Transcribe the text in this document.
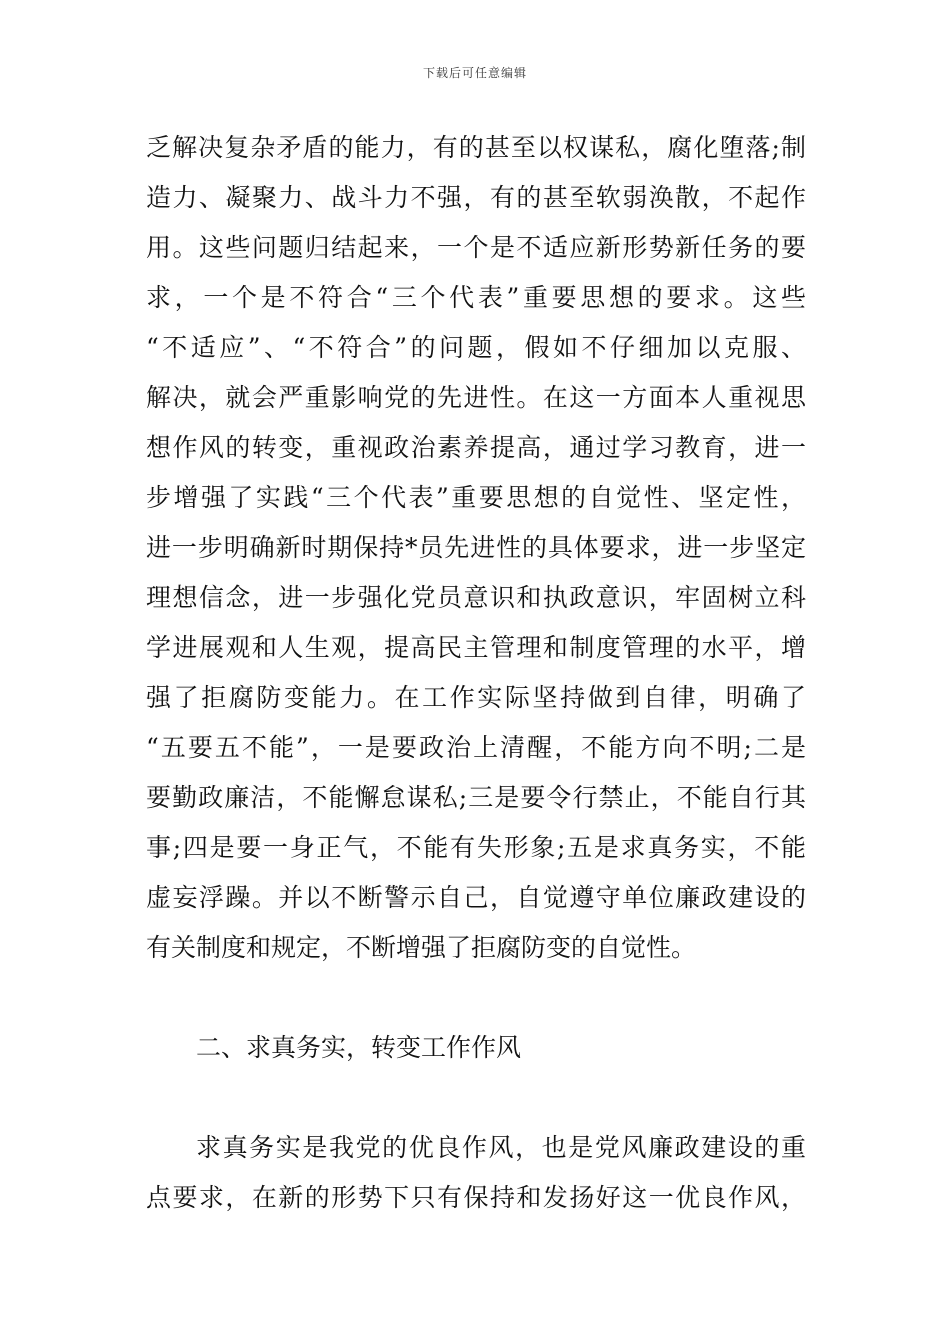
下载后可任意编辑
乏解决复杂矛盾的能力，有的甚至以权谋私，腐化堕落;制
造力、凝聚力、战斗力不强，有的甚至软弱涣散，不起作
用。这些问题归结起来，一个是不适应新形势新任务的要
求，一个是不符合“三个代表”重要思想的要求。这些
“不适应”、“不符合”的问题，假如不仔细加以克服、
解决，就会严重影响党的先进性。在这一方面本人重视思
想作风的转变，重视政治素养提高，通过学习教育，进一
步增强了实践“三个代表”重要思想的自觉性、坚定性，
进一步明确新时期保持*员先进性的具体要求，进一步坚定
理想信念，进一步强化党员意识和执政意识，牢固树立科
学进展观和人生观，提高民主管理和制度管理的水平，增
强了拒腐防变能力。在工作实际坚持做到自律，明确了
“五要五不能”，一是要政治上清醒，不能方向不明;二是
要勤政廉洁，不能懈怠谋私;三是要令行禁止，不能自行其
事;四是要一身正气，不能有失形象;五是求真务实，不能
虚妄浮躁。并以不断警示自己，自觉遵守单位廉政建设的
有关制度和规定，不断增强了拒腐防变的自觉性。
二、求真务实，转变工作作风
求真务实是我党的优良作风，也是党风廉政建设的重
点要求，在新的形势下只有保持和发扬好这一优良作风，
